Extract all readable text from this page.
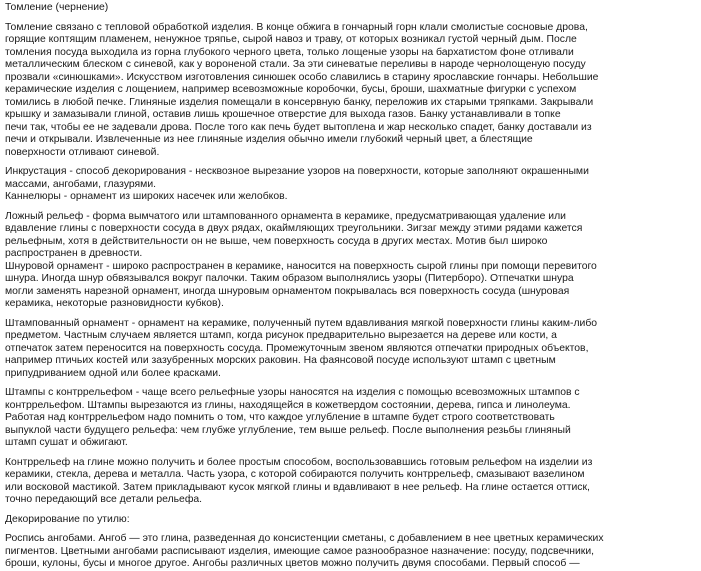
Томление (чернение)

Томление связано с тепловой обработкой изделия. В конце обжига в гончарный горн клали смолистые сосновые дрова,
горящие коптящим пламенем, ненужное тряпье, сырой навоз и траву, от которых возникал густой черный дым. После
томления посуда выходила из горна глубокого черного цвета, только лощеные узоры на бархатистом фоне отливали
металлическим блеском с синевой, как у вороненой стали. За эти синеватые переливы в народе чернолощеную посуду
прозвали «синюшками». Искусством изготовления синюшек особо славились в старину ярославские гончары. Небольшие
керамические изделия с лощением, например всевозможные коробочки, бусы, броши, шахматные фигурки с успехом
томились в любой печке. Глиняные изделия помещали в консервную банку, переложив их старыми тряпками. Закрывали
крышку и замазывали глиной, оставив лишь крошечное отверстие для выхода газов. Банку устанавливали в топке
печи так, чтобы ее не задевали дрова. После того как печь будет вытоплена и жар несколько спадет, банку доставали из
печи и открывали. Извлеченные из нее глиняные изделия обычно имели глубокий черный цвет, а блестящие
поверхности отливают синевой.

Инкрустация - способ декорирования - несквозное вырезание узоров на поверхности, которые заполняют окрашенными
массами, ангобами, глазурями.
Каннелюры - орнамент из широких насечек или желобков.

Ложный рельеф - форма вымчатого или штампованного орнамента в керамике, предусматривающая удаление или
вдавление глины с поверхности сосуда в двух рядах, окаймляющих треугольники. Зигзаг между этими рядами кажется
рельефным, хотя в действительности он не выше, чем поверхность сосуда в других местах. Мотив был широко
распространен в древности.
Шнуровой орнамент - широко распространен в керамике, наносится на поверхность сырой глины при помощи перевитого
шнура. Иногда шнур обвязывался вокруг палочки. Таким образом выполнялись узоры (Питерборо). Отпечатки шнура
могли заменять нарезной орнамент, иногда шнуровым орнаментом покрывалась вся поверхность сосуда (шнуровая
керамика, некоторые разновидности кубков).

Штампованный орнамент - орнамент на керамике, полученный путем вдавливания мягкой поверхности глины каким-либо
предметом. Частным случаем является штамп, когда рисунок предварительно вырезается на дереве или кости, а
отпечаток затем переносится на поверхность сосуда. Промежуточным звеном являются отпечатки природных объектов,
например птичьих костей или зазубренных морских раковин. На фаянсовой посуде используют штамп с цветным
припудриванием одной или более красками.

Штампы с контррельефом - чаще всего рельефные узоры наносятся на изделия с помощью всевозможных штампов с
контррельефом. Штампы вырезаются из глины, находящейся в кожетвердом состоянии, дерева, гипса и линолеума.
Работая над контррельефом надо помнить о том, что каждое углубление в штампе будет строго соответствовать
выпуклой части будущего рельефа: чем глубже углубление, тем выше рельеф. После выполнения резьбы глиняный
штамп сушат и обжигают.

Контррельеф на глине можно получить и более простым способом, воспользовавшись готовым рельефом на изделии из
керамики, стекла, дерева и металла. Часть узора, с которой собираются получить контррельеф, смазывают вазелином
или восковой мастикой. Затем прикладывают кусок мягкой глины и вдавливают в нее рельеф. На глине остается оттиск,
точно передающий все детали рельефа.

Декорирование по утилю:

Роспись ангобами. Ангоб — это глина, разведенная до консистенции сметаны, с добавлением в нее цветных керамических
пигментов. Цветными ангобами расписывают изделия, имеющие самое разнообразное назначение: посуду, подсвечники,
броши, кулоны, бусы и многое другое. Ангобы различных цветов можно получить двумя способами. Первый способ —
